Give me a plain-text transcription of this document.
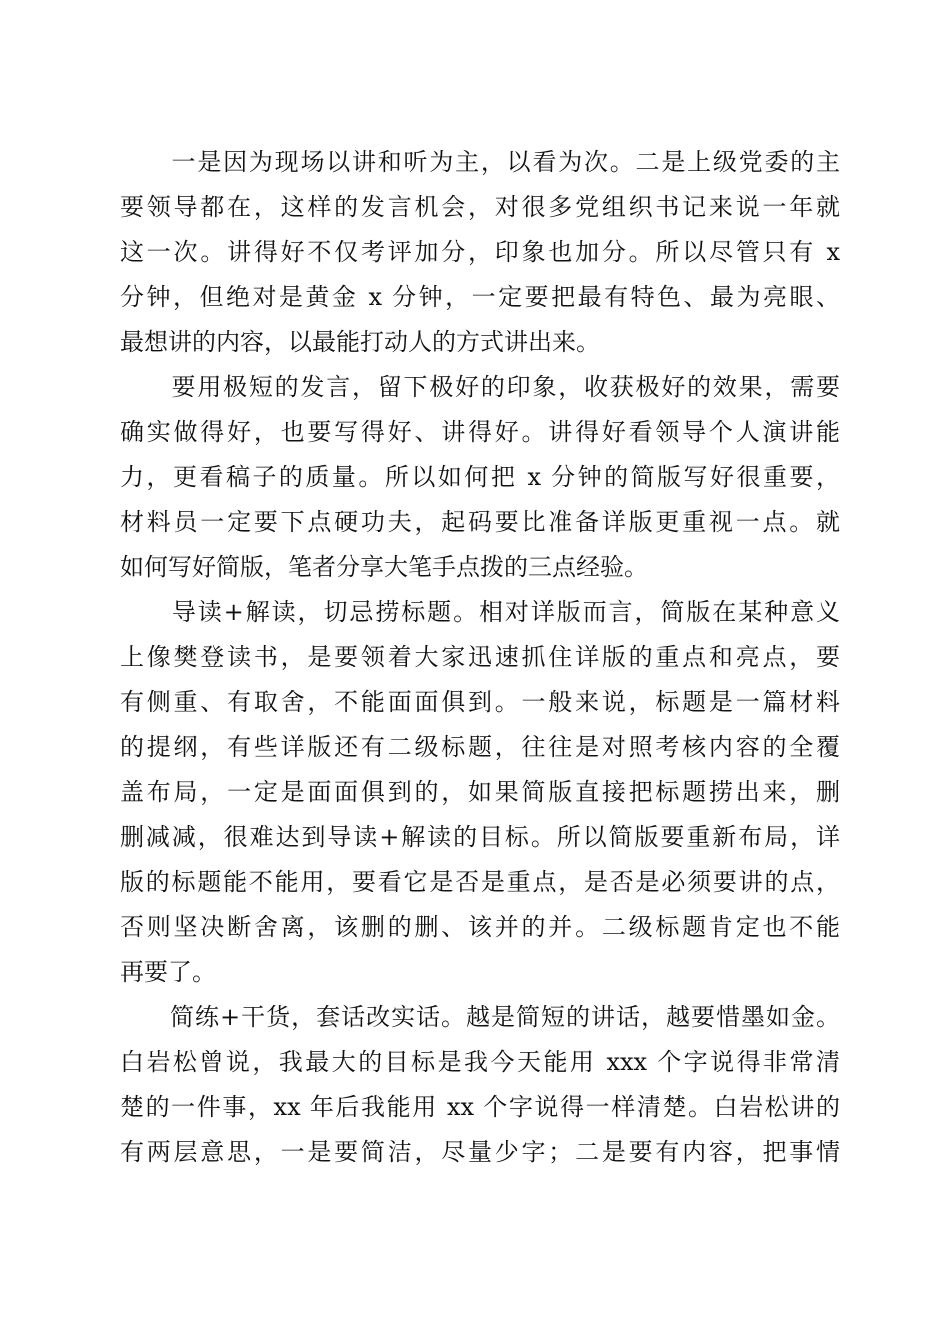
　　一是因为现场以讲和听为主，以看为次。二是上级党委的主
要领导都在，这样的发言机会，对很多党组织书记来说一年就
这一次。讲得好不仅考评加分，印象也加分。所以尽管只有 x
分钟，但绝对是黄金 x 分钟，一定要把最有特色、最为亮眼、
最想讲的内容，以最能打动人的方式讲出来。
　　要用极短的发言，留下极好的印象，收获极好的效果，需要
确实做得好，也要写得好、讲得好。讲得好看领导个人演讲能
力，更看稿子的质量。所以如何把 x 分钟的简版写好很重要，
材料员一定要下点硬功夫，起码要比准备详版更重视一点。就
如何写好简版，笔者分享大笔手点拨的三点经验。
　　导读+解读，切忌捞标题。相对详版而言，简版在某种意义
上像樊登读书，是要领着大家迅速抓住详版的重点和亮点，要
有侧重、有取舍，不能面面俱到。一般来说，标题是一篇材料
的提纲，有些详版还有二级标题，往往是对照考核内容的全覆
盖布局，一定是面面俱到的，如果简版直接把标题捞出来，删
删减减，很难达到导读+解读的目标。所以简版要重新布局，详
版的标题能不能用，要看它是否是重点，是否是必须要讲的点，
否则坚决断舍离，该删的删、该并的并。二级标题肯定也不能
再要了。
　　简练+干货，套话改实话。越是简短的讲话，越要惜墨如金。
白岩松曾说，我最大的目标是我今天能用 xxx 个字说得非常清
楚的一件事，xx 年后我能用 xx 个字说得一样清楚。白岩松讲的
有两层意思，一是要简洁，尽量少字；二是要有内容，把事情
